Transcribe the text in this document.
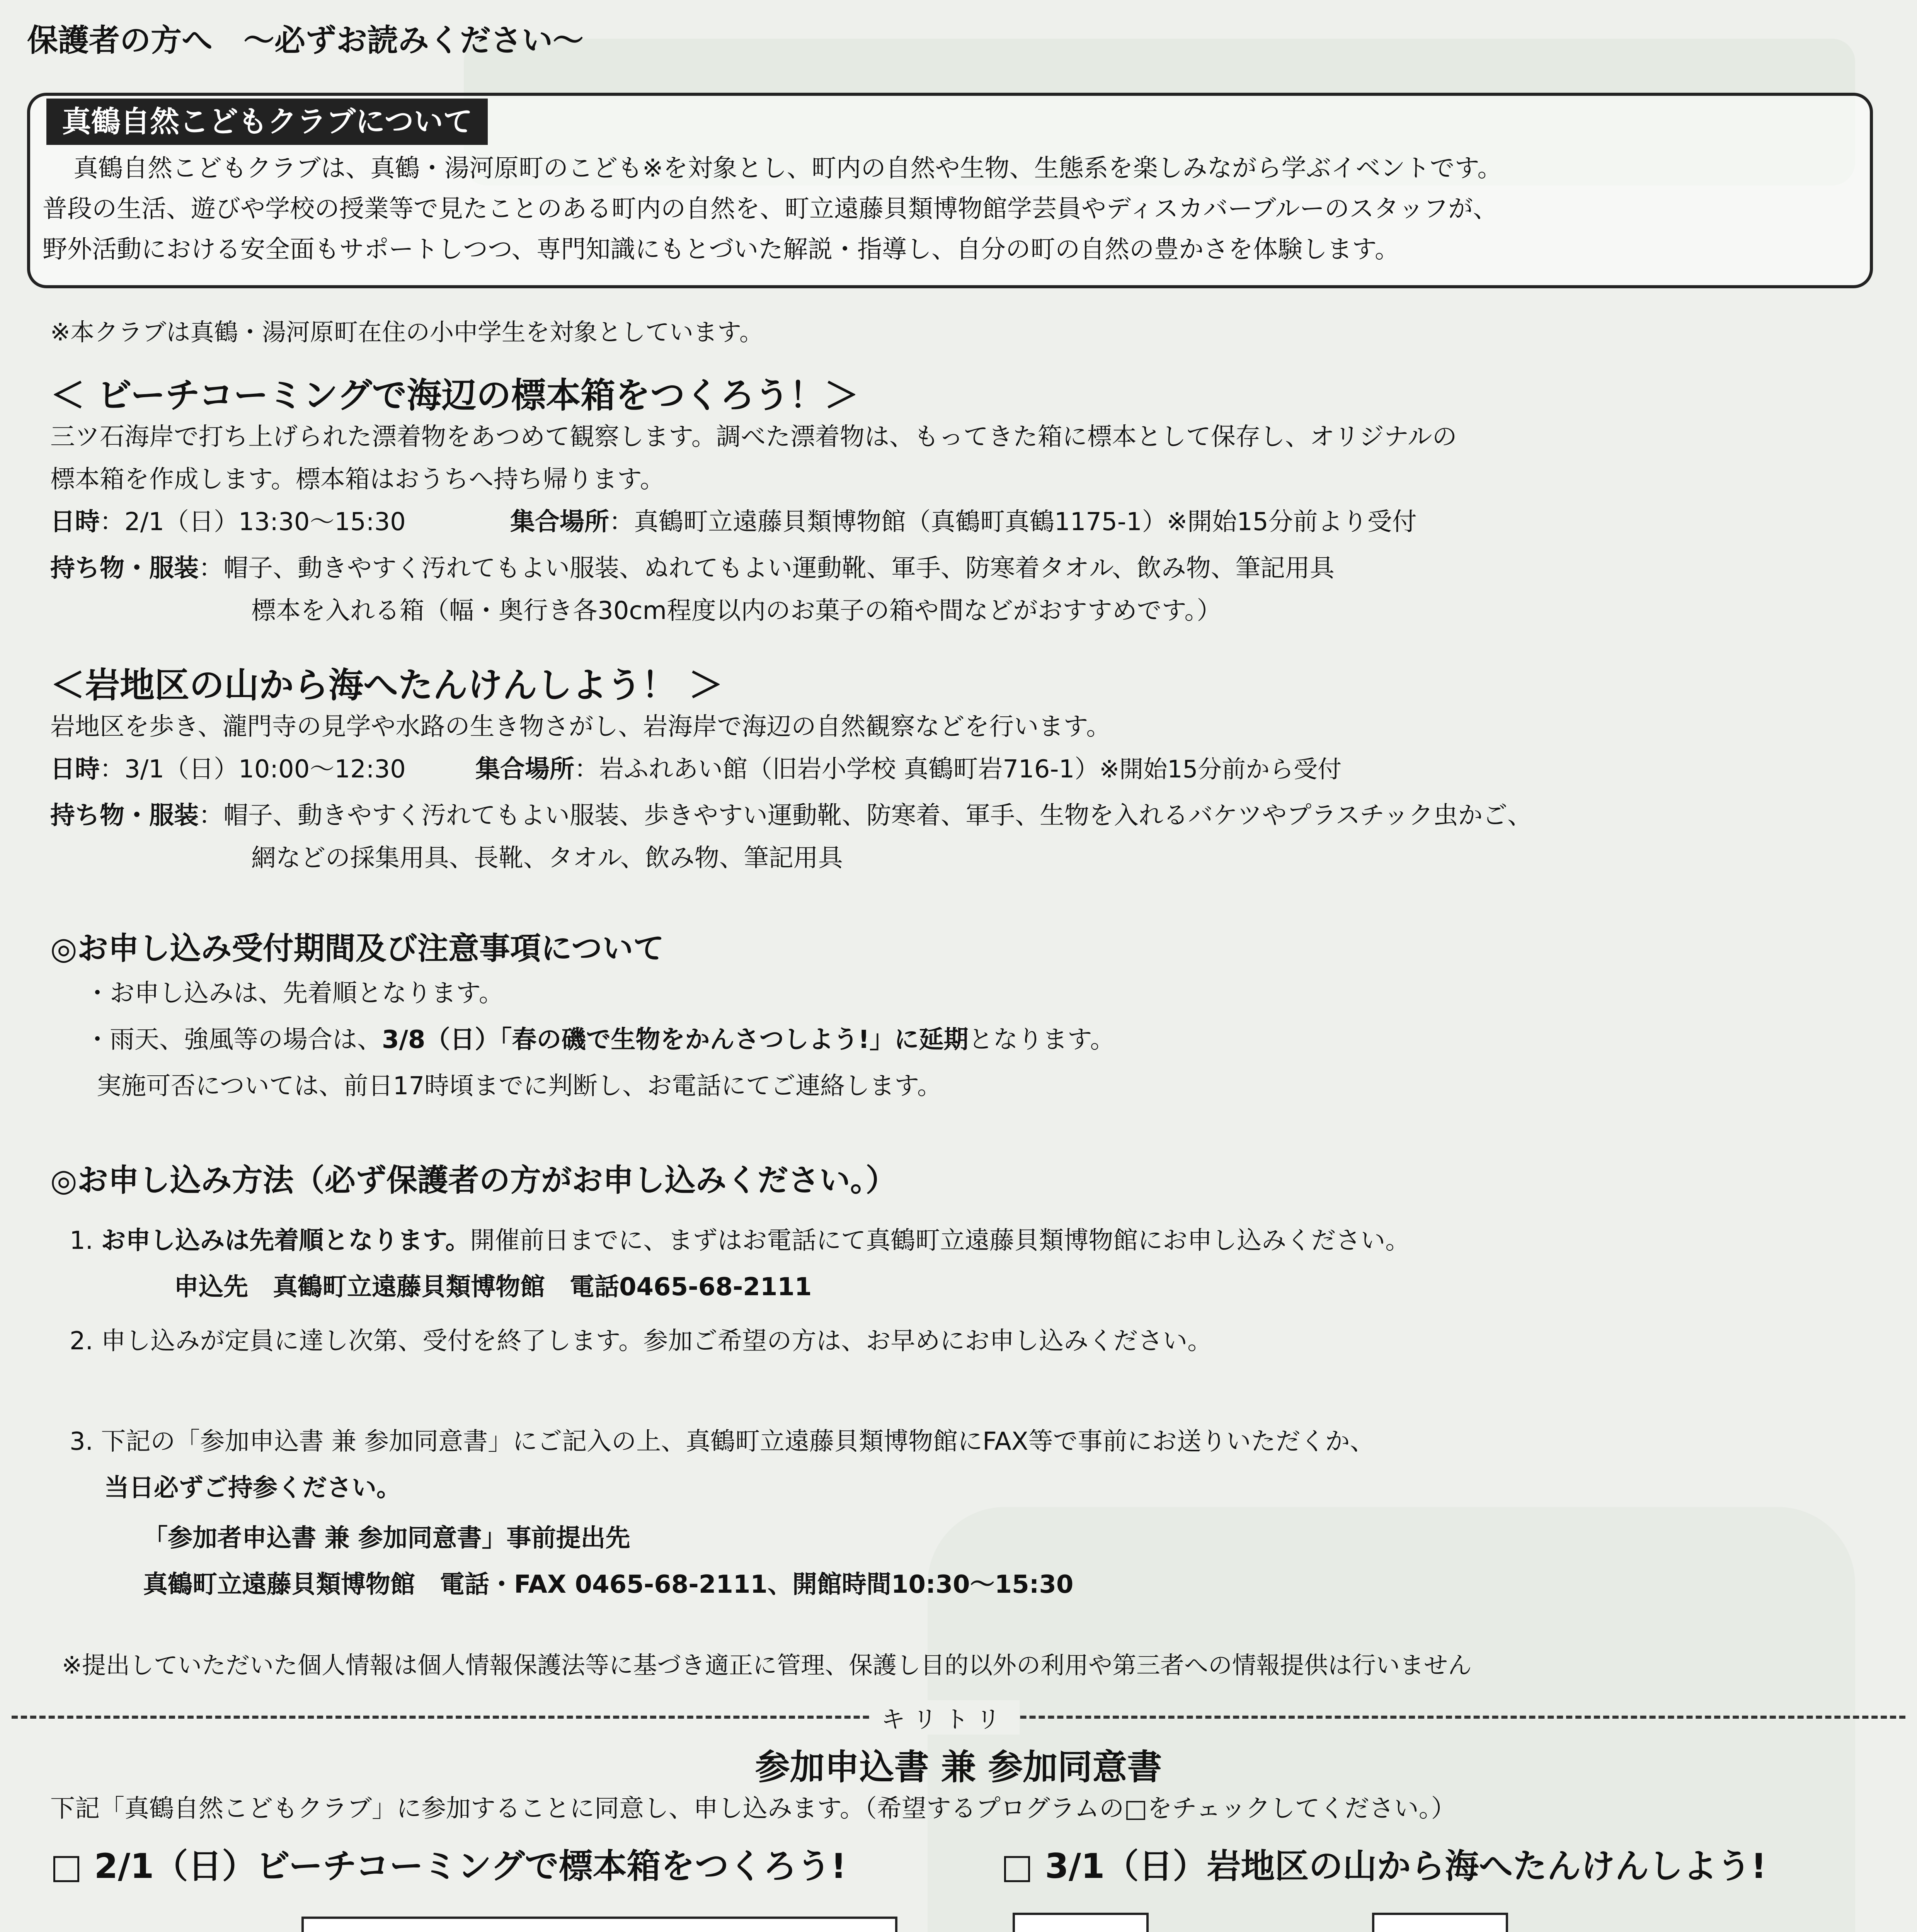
保護者の方へ　～必ずお読みください～
真鶴自然こどもクラブについて
真鶴自然こどもクラブは、真鶴・湯河原町のこども※を対象とし、町内の自然や生物、生態系を楽しみながら学ぶイベントです。
普段の生活、遊びや学校の授業等で見たことのある町内の自然を、町立遠藤貝類博物館学芸員やディスカバーブルーのスタッフが、
野外活動における安全面もサポートしつつ、専門知識にもとづいた解説・指導し、自分の町の自然の豊かさを体験します。
※本クラブは真鶴・湯河原町在住の小中学生を対象としています。
＜ ビーチコーミングで海辺の標本箱をつくろう！＞
三ツ石海岸で打ち上げられた漂着物をあつめて観察します。調べた漂着物は、もってきた箱に標本として保存し、オリジナルの
標本箱を作成します。標本箱はおうちへ持ち帰ります。
日時：2/1（日）13:30～15:30	集合場所：真鶴町立遠藤貝類博物館（真鶴町真鶴1175-1）※開始15分前より受付
持ち物・服装：帽子、動きやすく汚れてもよい服装、ぬれてもよい運動靴、軍手、防寒着タオル、飲み物、筆記用具
標本を入れる箱（幅・奥行き各30cm程度以内のお菓子の箱や間などがおすすめです。）
＜岩地区の山から海へたんけんしよう！ ＞
岩地区を歩き、瀧門寺の見学や水路の生き物さがし、岩海岸で海辺の自然観察などを行います。
日時：3/1（日）10:00～12:30	集合場所：岩ふれあい館（旧岩小学校 真鶴町岩716-1）※開始15分前から受付
持ち物・服装：帽子、動きやすく汚れてもよい服装、歩きやすい運動靴、防寒着、軍手、生物を入れるバケツやプラスチック虫かご、
網などの採集用具、長靴、タオル、飲み物、筆記用具
◎お申し込み受付期間及び注意事項について
・お申し込みは、先着順となります。
・雨天、強風等の場合は、3/8（日）「春の磯で生物をかんさつしよう!」に延期となります。
実施可否については、前日17時頃までに判断し、お電話にてご連絡します。
◎お申し込み方法（必ず保護者の方がお申し込みください。）
1. お申し込みは先着順となります。開催前日までに、まずはお電話にて真鶴町立遠藤貝類博物館にお申し込みください。
申込先　真鶴町立遠藤貝類博物館　電話0465-68-2111
2. 申し込みが定員に達し次第、受付を終了します。参加ご希望の方は、お早めにお申し込みください。
3. 下記の「参加申込書 兼 参加同意書」にご記入の上、真鶴町立遠藤貝類博物館にFAX等で事前にお送りいただくか、
当日必ずご持参ください。
「参加者申込書 兼 参加同意書」事前提出先
真鶴町立遠藤貝類博物館　電話・FAX 0465-68-2111、開館時間10:30～15:30
※提出していただいた個人情報は個人情報保護法等に基づき適正に管理、保護し目的以外の利用や第三者への情報提供は行いません
キリトリ
参加申込書 兼 参加同意書
下記「真鶴自然こどもクラブ」に参加することに同意し、申し込みます。（希望するプログラムの□をチェックしてください。）
□ 2/1（日）ビーチコーミングで標本箱をつくろう!	□ 3/1（日）岩地区の山から海へたんけんしよう!
